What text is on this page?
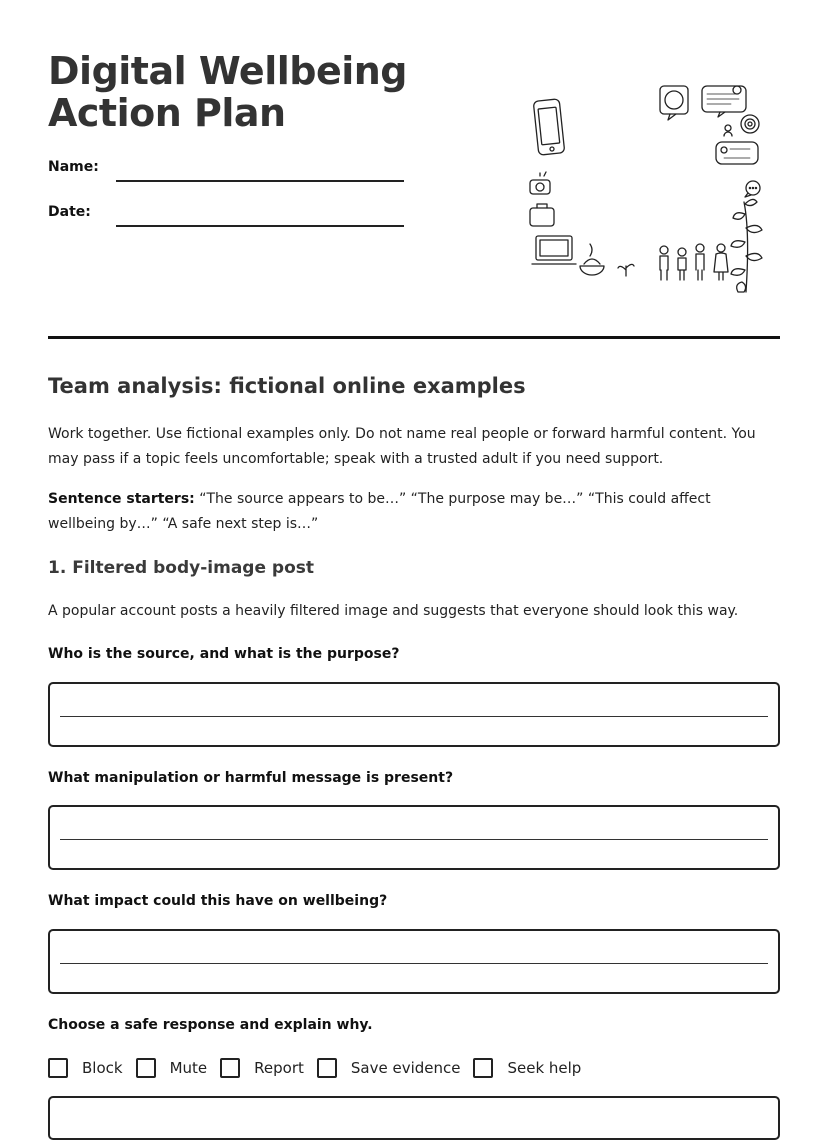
Digital Wellbeing
Action Plan
Name:
Date:
Team analysis: fictional online examples

Work together. Use fictional examples only. Do not name real people or forward harmful content. You may pass if a topic feels uncomfortable; speak with a trusted adult if you need support.

Sentence starters: “The source appears to be…” “The purpose may be…” “This could affect wellbeing by…” “A safe next step is…”

1. Filtered body-image post

A popular account posts a heavily filtered image and suggests that everyone should look this way.

Who is the source, and what is the purpose?

What manipulation or harmful message is present?

What impact could this have on wellbeing?

Choose a safe response and explain why.

Block	Mute	Report	Save evidence	Seek help
